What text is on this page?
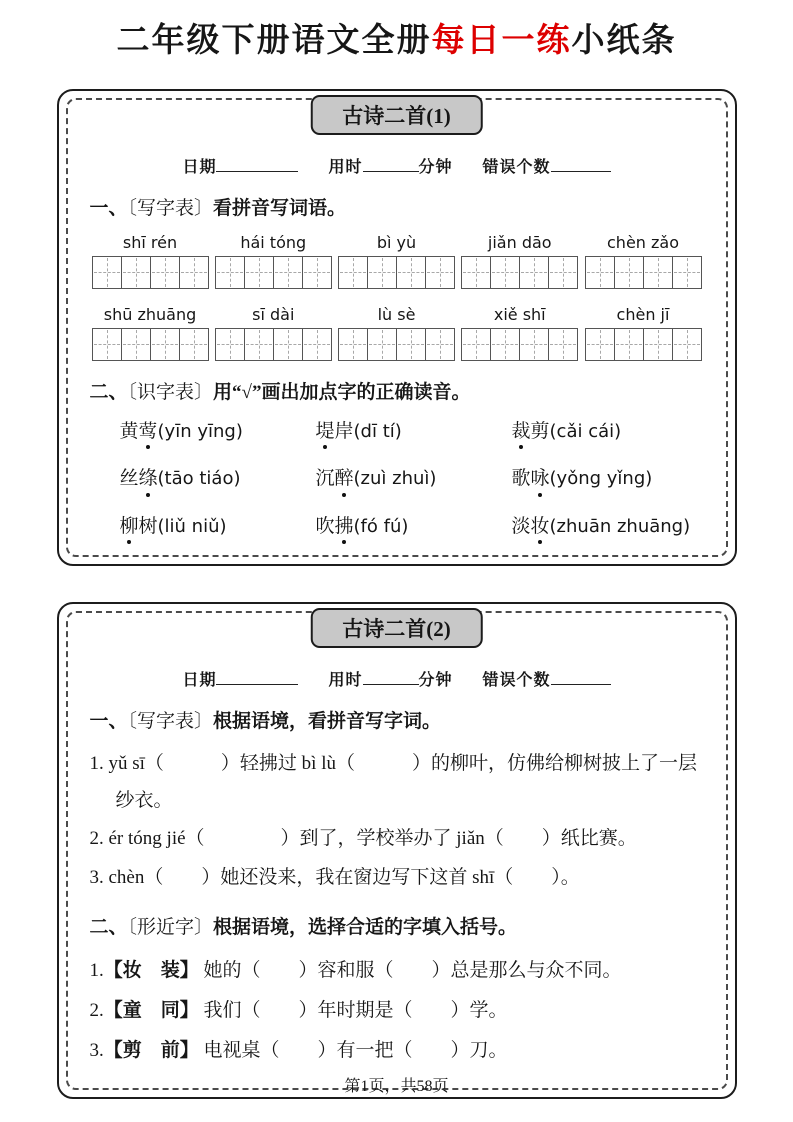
二年级下册语文全册每日一练小纸条
古诗二首(1)
日期	用时	分钟 错误个数
一、〔写字表〕看拼音写词语。
shī rén	hái tóng	bì yù	jiǎn dāo	chèn zǎo
shū zhuāng	sī dài	lù sè	xiě shī	chèn jī
二、〔识字表〕用“√”画出加点字的正确读音。
黄莺(yīn yīng)	堤岸(dī tí)	裁剪(cǎi cái)
丝绦(tāo tiáo)	沉醉(zuì zhuì)	歌咏(yǒng yǐng)
柳树(liǔ niǔ)	吹拂(fó fú)	淡妆(zhuān zhuāng)
古诗二首(2)
日期	用时	分钟 错误个数
一、〔写字表〕根据语境，看拼音写字词。
1. yǔ sī（　　　）轻拂过 bì lù（　　　）的柳叶，仿佛给柳树披上了一层纱衣。
2. ér tóng jié（　　　　）到了，学校举办了 jiǎn（　　）纸比赛。
3. chèn（　　）她还没来，我在窗边写下这首 shī（　　）。
二、〔形近字〕根据语境，选择合适的字填入括号。
1.【妆　装】 她的（　　）容和服（　　）总是那么与众不同。
2.【童　同】 我们（　　）年时期是（　　）学。
3.【剪　前】 电视桌（　　）有一把（　　）刀。
第1页，共58页
